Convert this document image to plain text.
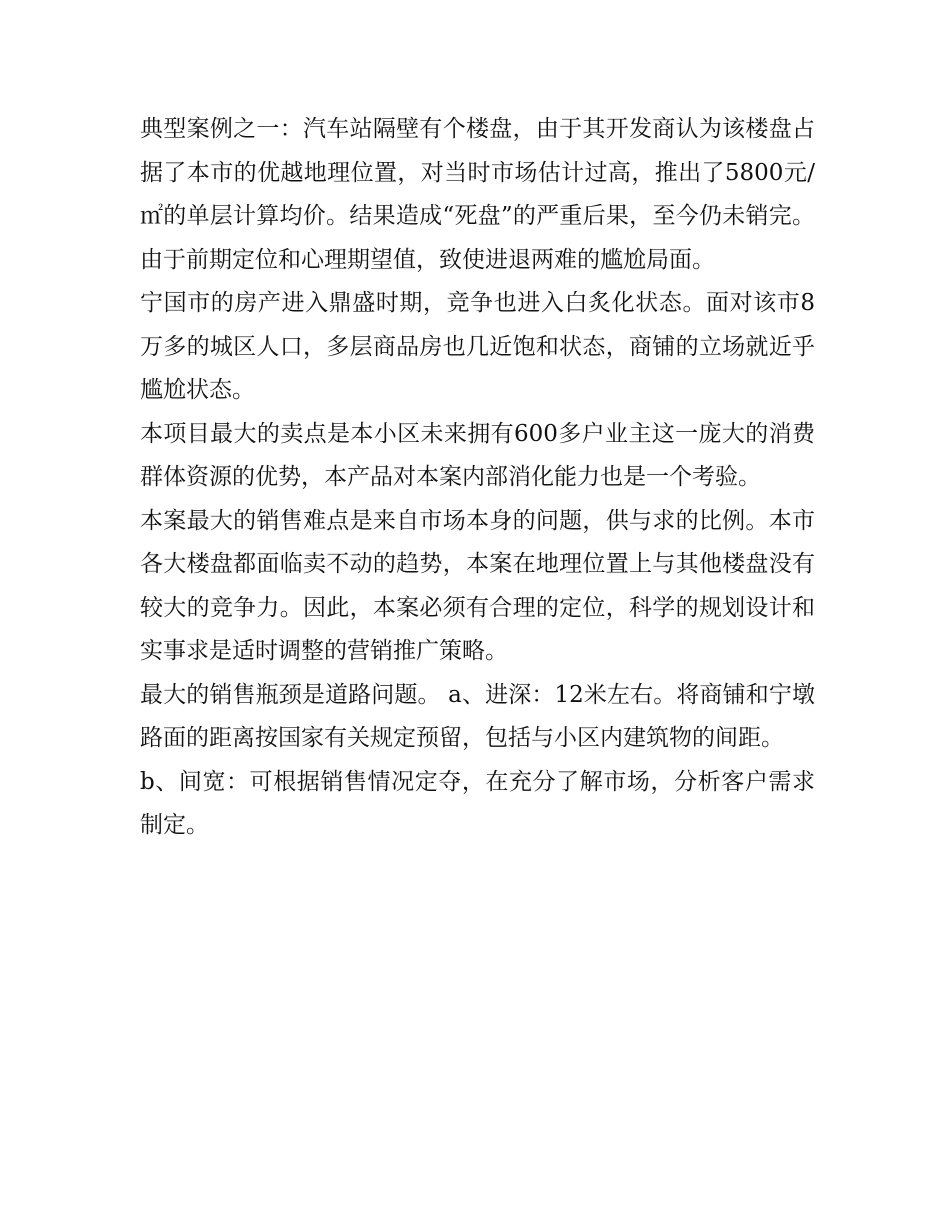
典型案例之一：汽车站隔壁有个楼盘，由于其开发商认为该楼盘占据了本市的优越地理位置，对当时市场估计过高，推出了5800元/㎡的单层计算均价。结果造成“死盘”的严重后果，至今仍未销完。由于前期定位和心理期望值，致使进退两难的尴尬局面。

宁国市的房产进入鼎盛时期，竞争也进入白炙化状态。面对该市8万多的城区人口，多层商品房也几近饱和状态，商铺的立场就近乎尴尬状态。

本项目最大的卖点是本小区未来拥有600多户业主这一庞大的消费群体资源的优势，本产品对本案内部消化能力也是一个考验。

本案最大的销售难点是来自市场本身的问题，供与求的比例。本市各大楼盘都面临卖不动的趋势，本案在地理位置上与其他楼盘没有较大的竞争力。因此，本案必须有合理的定位，科学的规划设计和实事求是适时调整的营销推广策略。

最大的销售瓶颈是道路问题。 a、进深：12米左右。将商铺和宁墩路面的距离按国家有关规定预留，包括与小区内建筑物的间距。

b、间宽：可根据销售情况定夺，在充分了解市场，分析客户需求制定。
